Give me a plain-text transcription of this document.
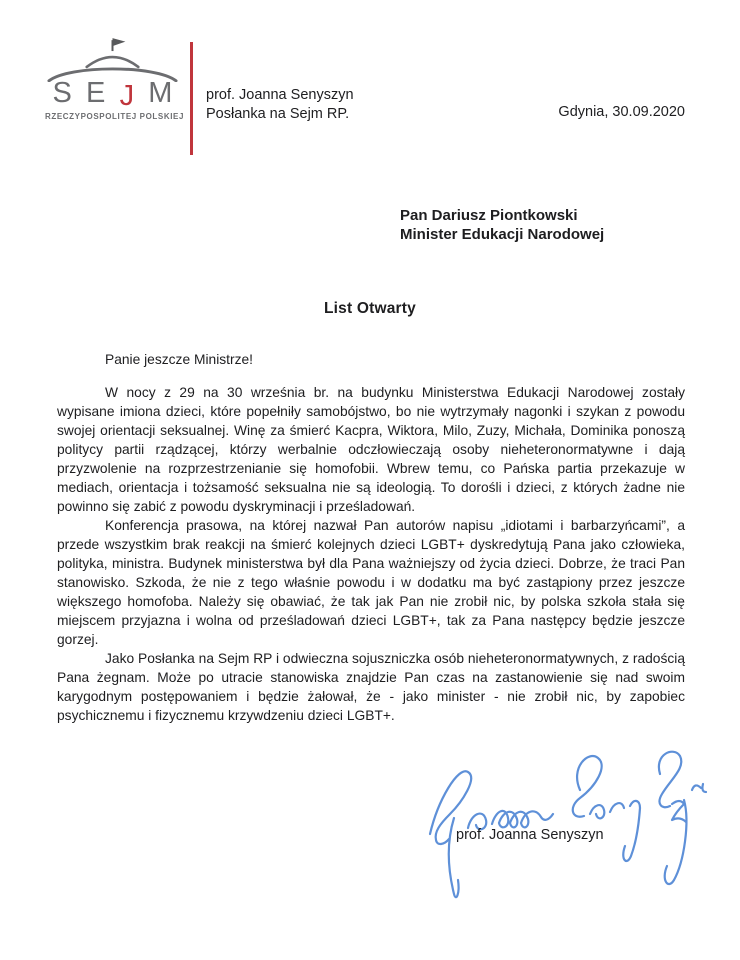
S E J M
RZECZYPOSPOLITEJ POLSKIEJ
prof. Joanna Senyszyn
Posłanka na Sejm RP.	Gdynia, 30.09.2020
Pan Dariusz Piontkowski
Minister Edukacji Narodowej
List Otwarty
Panie jeszcze Ministrze!

W nocy z 29 na 30 września br. na budynku Ministerstwa Edukacji Narodowej zostały wypisane imiona dzieci, które popełniły samobójstwo, bo nie wytrzymały nagonki i szykan z powodu swojej orientacji seksualnej. Winę za śmierć Kacpra, Wiktora, Milo, Zuzy, Michała, Dominika ponoszą politycy partii rządzącej, którzy werbalnie odczłowieczają osoby nieheteronormatywne i dają przyzwolenie na rozprzestrzenianie się homofobii. Wbrew temu, co Pańska partia przekazuje w mediach, orientacja i tożsamość seksualna nie są ideologią. To dorośli i dzieci, z których żadne nie powinno się zabić z powodu dyskryminacji i prześladowań.

Konferencja prasowa, na której nazwał Pan autorów napisu „idiotami i barbarzyńcami”, a przede wszystkim brak reakcji na śmierć kolejnych dzieci LGBT+ dyskredytują Pana jako człowieka, polityka, ministra. Budynek ministerstwa był dla Pana ważniejszy od życia dzieci. Dobrze, że traci Pan stanowisko. Szkoda, że nie z tego właśnie powodu i w dodatku ma być zastąpiony przez jeszcze większego homofoba. Należy się obawiać, że tak jak Pan nie zrobił nic, by polska szkoła stała się miejscem przyjazna i wolna od prześladowań dzieci LGBT+, tak za Pana następcy będzie jeszcze gorzej.

Jako Posłanka na Sejm RP i odwieczna sojuszniczka osób nieheteronormatywnych, z radością Pana żegnam. Może po utracie stanowiska znajdzie Pan czas na zastanowienie się nad swoim karygodnym postępowaniem i będzie żałował, że - jako minister - nie zrobił nic, by zapobiec psychicznemu i fizycznemu krzywdzeniu dzieci LGBT+.

prof. Joanna Senyszyn
